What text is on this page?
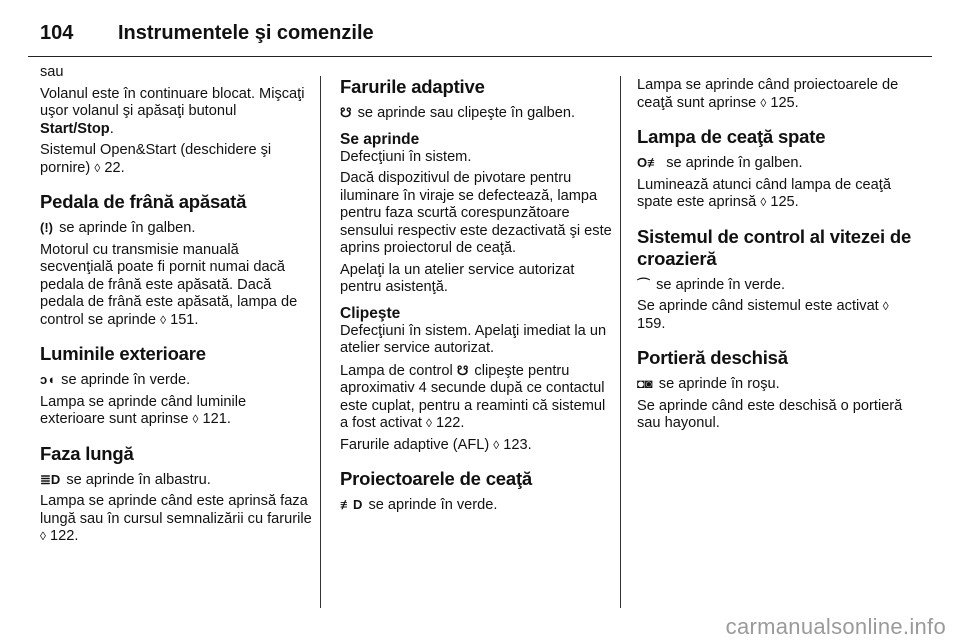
104 Instrumentele şi comenzile

sau

Volanul este în continuare blocat. Mişcaţi uşor volanul şi apăsaţi butonul Start/Stop.

Sistemul Open&Start (deschidere şi pornire) ◊ 22.

Pedala de frână apăsată

(!) se aprinde în galben.

Motorul cu transmisie manuală secvenţială poate fi pornit numai dacă pedala de frână este apăsată. Dacă pedala de frână este apăsată, lampa de control se aprinde ◊ 151.

Luminile exterioare

ↄ◖ se aprinde în verde.

Lampa se aprinde când luminile exterioare sunt aprinse ◊ 121.

Faza lungă

≣D se aprinde în albastru.

Lampa se aprinde când este aprinsă faza lungă sau în cursul semnalizării cu farurile ◊ 122.

Farurile adaptive

☋ se aprinde sau clipeşte în galben.

Se aprinde

Defecţiuni în sistem.

Dacă dispozitivul de pivotare pentru iluminare în viraje se defectează, lampa pentru faza scurtă corespunzătoare sensului respectiv este dezactivată şi este aprins proiectorul de ceaţă.

Apelaţi la un atelier service autorizat pentru asistenţă.

Clipeşte

Defecţiuni în sistem. Apelaţi imediat la un atelier service autorizat.

Lampa de control ☋ clipeşte pentru aproximativ 4 secunde după ce contactul este cuplat, pentru a reaminti că sistemul a fost activat ◊ 122.

Farurile adaptive (AFL) ◊ 123.

Proiectoarele de ceaţă

≢D se aprinde în verde.

Lampa se aprinde când proiectoarele de ceaţă sunt aprinse ◊ 125.

Lampa de ceaţă spate

O≢ se aprinde în galben.

Luminează atunci când lampa de ceaţă spate este aprinsă ◊ 125.

Sistemul de control al vitezei de croazieră

⌒ se aprinde în verde.

Se aprinde când sistemul este activat ◊ 159.

Portieră deschisă

◘◙ se aprinde în roşu.

Se aprinde când este deschisă o portieră sau hayonul.

carmanualsonline.info
